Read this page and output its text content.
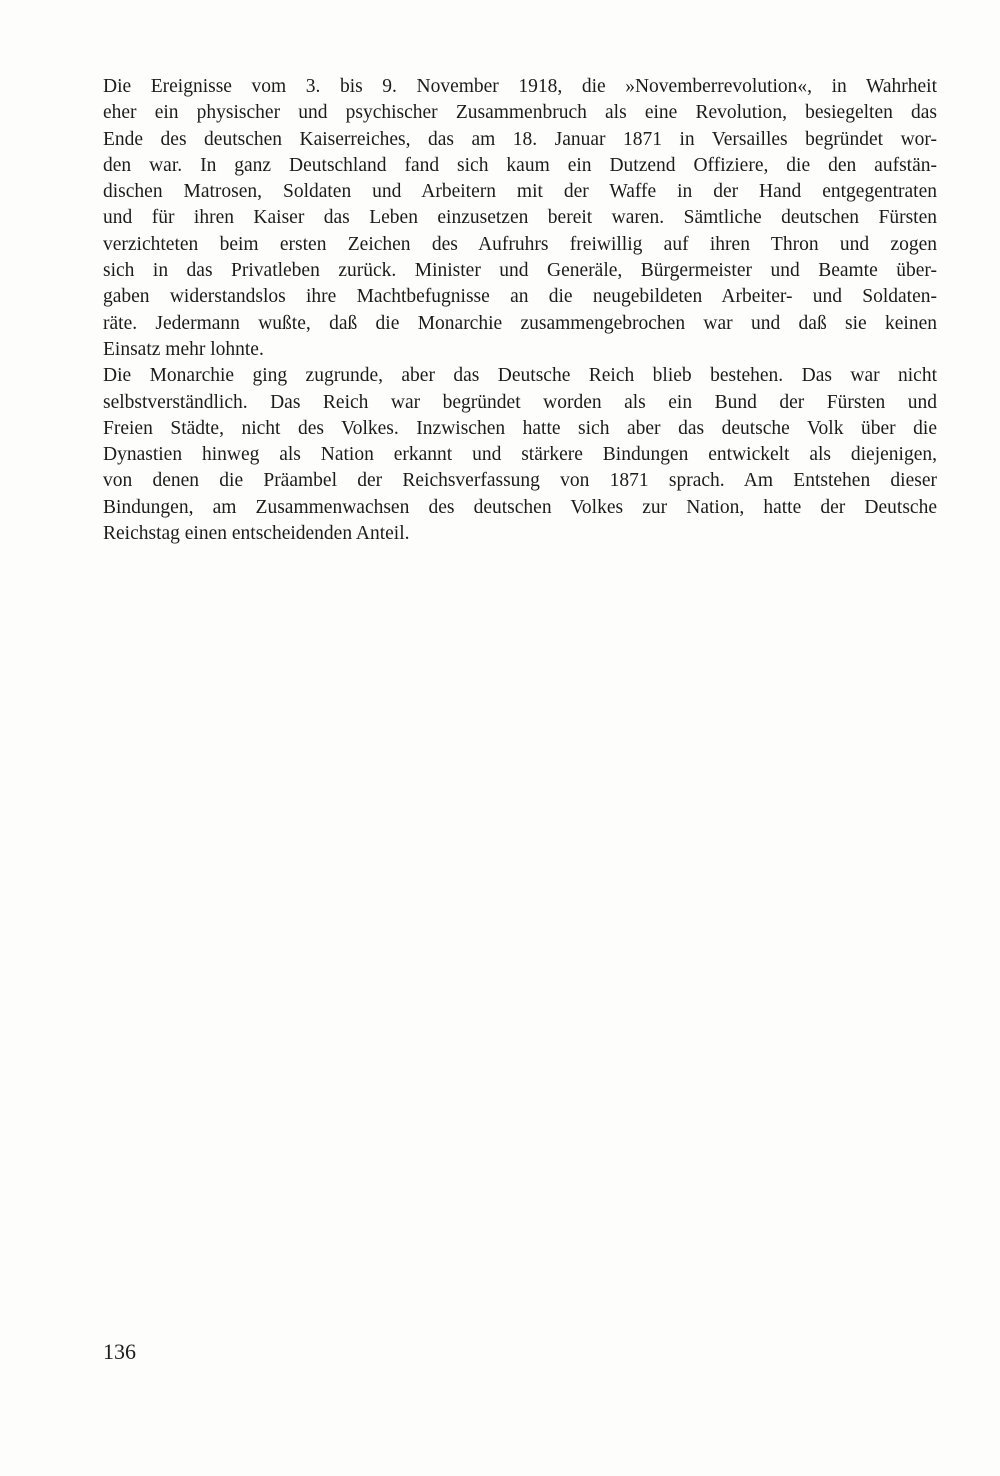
Die Ereignisse vom 3. bis 9. November 1918, die »Novemberrevolution«, in Wahrheit
eher ein physischer und psychischer Zusammenbruch als eine Revolution, besiegelten das
Ende des deutschen Kaiserreiches, das am 18. Januar 1871 in Versailles begründet wor-
den war. In ganz Deutschland fand sich kaum ein Dutzend Offiziere, die den aufstän-
dischen Matrosen, Soldaten und Arbeitern mit der Waffe in der Hand entgegentraten
und für ihren Kaiser das Leben einzusetzen bereit waren. Sämtliche deutschen Fürsten
verzichteten beim ersten Zeichen des Aufruhrs freiwillig auf ihren Thron und zogen
sich in das Privatleben zurück. Minister und Generäle, Bürgermeister und Beamte über-
gaben widerstandslos ihre Machtbefugnisse an die neugebildeten Arbeiter- und Soldaten-
räte. Jedermann wußte, daß die Monarchie zusammengebrochen war und daß sie keinen
Einsatz mehr lohnte.
Die Monarchie ging zugrunde, aber das Deutsche Reich blieb bestehen. Das war nicht
selbstverständlich. Das Reich war begründet worden als ein Bund der Fürsten und
Freien Städte, nicht des Volkes. Inzwischen hatte sich aber das deutsche Volk über die
Dynastien hinweg als Nation erkannt und stärkere Bindungen entwickelt als diejenigen,
von denen die Präambel der Reichsverfassung von 1871 sprach. Am Entstehen dieser
Bindungen, am Zusammenwachsen des deutschen Volkes zur Nation, hatte der Deutsche
Reichstag einen entscheidenden Anteil.
136
